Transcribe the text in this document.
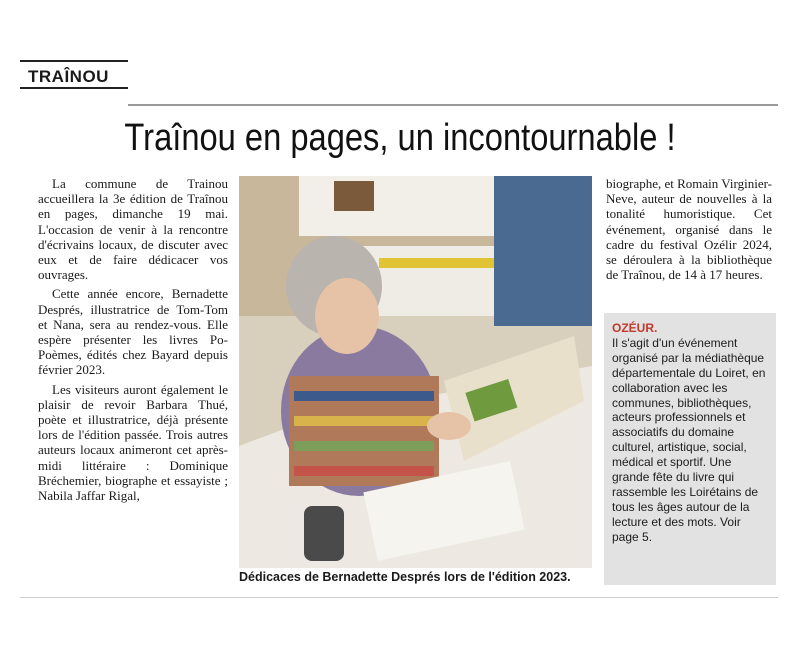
TRAÎNOU
Traînou en pages, un incontournable !

La commune de Trainou accueillera la 3e édition de Traînou en pages, dimanche 19 mai. L'occasion de venir à la rencontre d'écrivains locaux, de discuter avec eux et de faire dédicacer vos ouvrages.

Cette année encore, Bernadette Després, illustratrice de Tom-Tom et Nana, sera au rendez-vous. Elle espère présenter les livres Po-Poèmes, édités chez Bayard depuis février 2023.

Les visiteurs auront également le plaisir de revoir Barbara Thué, poète et illustratrice, déjà présente lors de l'édition passée. Trois autres auteurs locaux animeront cet après-midi littéraire : Dominique Bréchemier, biographe et essayiste ; Nabila Jaffar Rigal,

Dédicaces de Bernadette Després lors de l'édition 2023.

biographe, et Romain Virginier-Neve, auteur de nouvelles à la tonalité humoristique. Cet événement, organisé dans le cadre du festival Ozélir 2024, se déroulera à la bibliothèque de Traînou, de 14 à 17 heures.

OZÉUR.
Il s'agit d'un événement organisé par la médiathèque départementale du Loiret, en collaboration avec les communes, bibliothèques, acteurs professionnels et associatifs du domaine culturel, artistique, social, médical et sportif. Une grande fête du livre qui rassemble les Loirétains de tous les âges autour de la lecture et des mots. Voir page 5.
